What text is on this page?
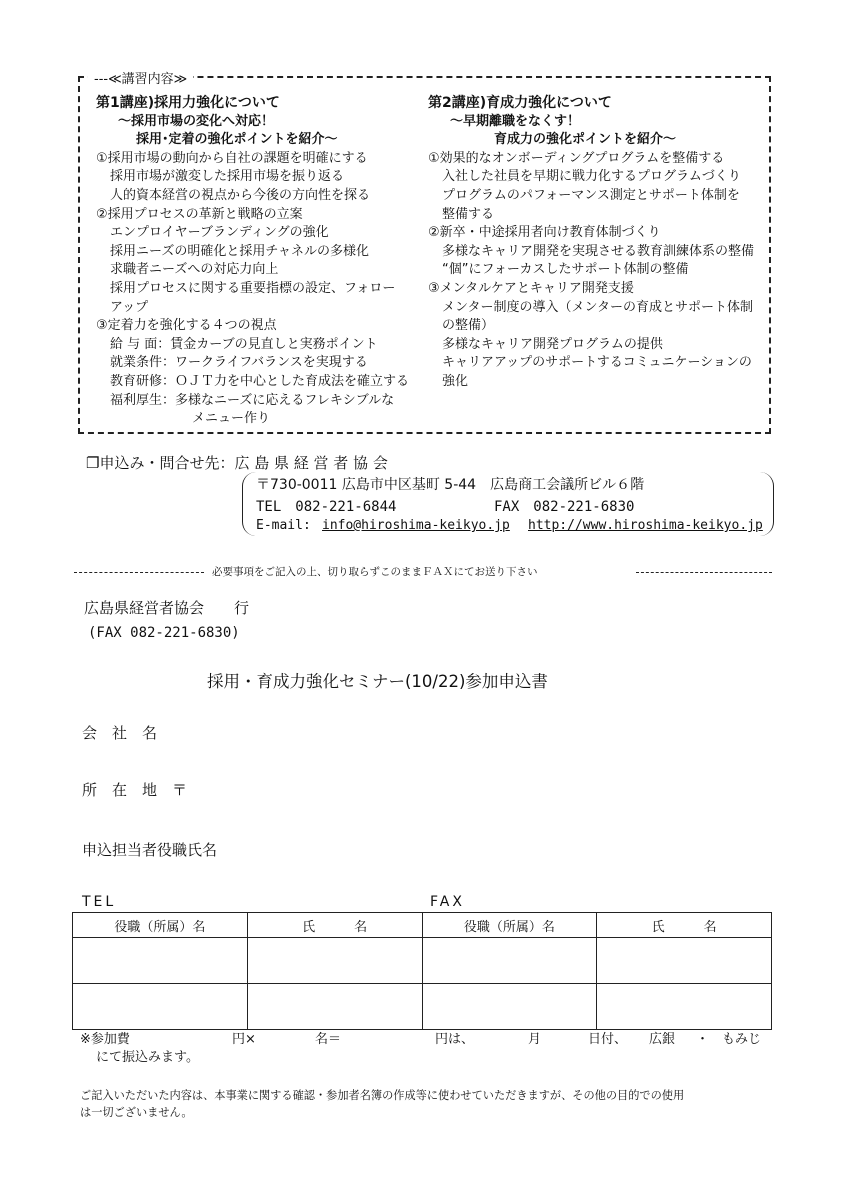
---≪講習内容≫
第1講座)採用力強化について
〜採用市場の変化へ対応！
採用･定着の強化ポイントを紹介〜
①採用市場の動向から自社の課題を明確にする
採用市場が激変した採用市場を振り返る
人的資本経営の視点から今後の方向性を探る
②採用プロセスの革新と戦略の立案
エンプロイヤーブランディングの強化
採用ニーズの明確化と採用チャネルの多様化
求職者ニーズへの対応力向上
採用プロセスに関する重要指標の設定、フォロー
アップ
③定着力を強化する４つの視点
給 与 面：賃金カーブの見直しと実務ポイント
就業条件：ワークライフバランスを実現する
教育研修：ＯＪＴ力を中心とした育成法を確立する
福利厚生：多様なニーズに応えるフレキシブルな
メニュー作り
第2講座)育成力強化について
〜早期離職をなくす！
育成力の強化ポイントを紹介〜
①効果的なオンボーディングプログラムを整備する
入社した社員を早期に戦力化するプログラムづくり
プログラムのパフォーマンス測定とサポート体制を
整備する
②新卒・中途採用者向け教育体制づくり
多様なキャリア開発を実現させる教育訓練体系の整備
“個”にフォーカスしたサポート体制の整備
③メンタルケアとキャリア開発支援
メンター制度の導入（メンターの育成とサポート体制
の整備）
多様なキャリア開発プログラムの提供
キャリアアップのサポートするコミュニケーションの
強化
❐申込み・問合せ先：広 島 県 経 営 者 協 会
〒730-0011 広島市中区基町 5-44　広島商工会議所ビル６階
TEL　082-221-6844	FAX　082-221-6830
E-mail: info@hiroshima-keikyo.jp http://www.hiroshima-keikyo.jp
必要事項をご記入の上、切り取らずこのままＦＡＸにてお送り下さい
広島県経営者協会　　行
(FAX 082-221-6830)
採用・育成力強化セミナー(10/22)参加申込書
会　社　名
所　在　地　〒
申込担当者役職氏名
TEL	FAX
役職（所属）名	氏　　　名	役職（所属）名	氏　　　名

※参加費	円×	名＝	円は、	月	日付、 広銀 ・ もみじ
にて振込みます。
ご記入いただいた内容は、本事業に関する確認・参加者名簿の作成等に使わせていただきますが、その他の目的での使用
は一切ございません。
